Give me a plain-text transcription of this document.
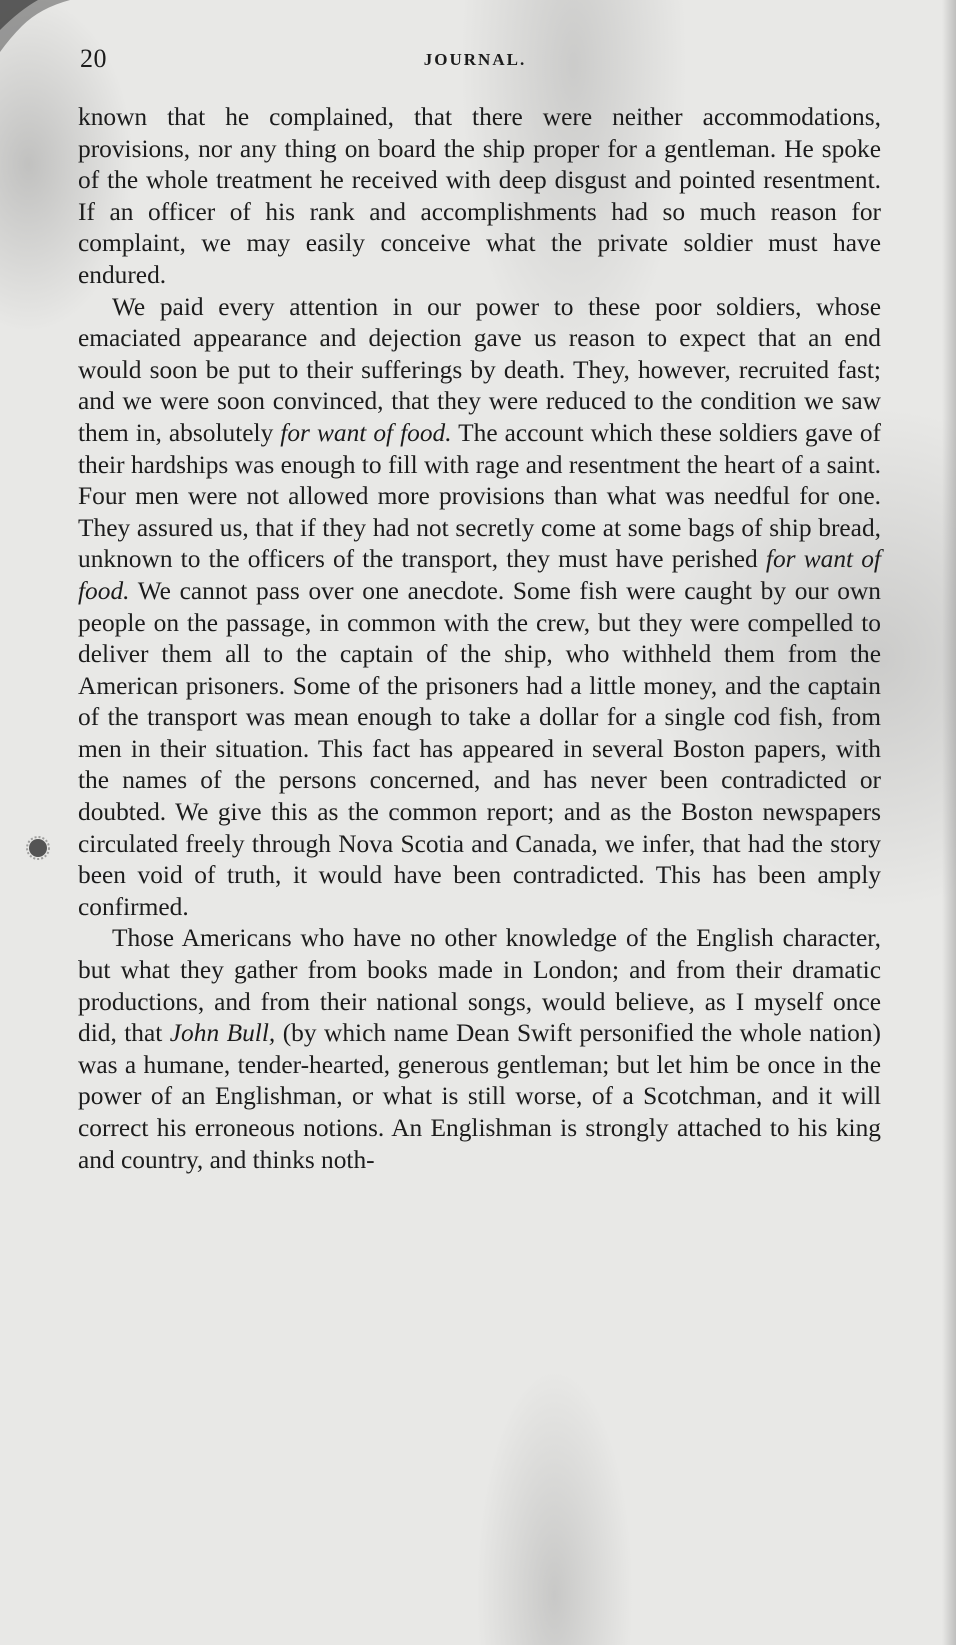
20	JOURNAL.

known that he complained, that there were neither accommodations, provisions, nor any thing on board the ship proper for a gentleman. He spoke of the whole treatment he received with deep disgust and pointed resentment. If an officer of his rank and accomplishments had so much reason for complaint, we may easily conceive what the private soldier must have endured.

We paid every attention in our power to these poor soldiers, whose emaciated appearance and dejection gave us reason to expect that an end would soon be put to their sufferings by death. They, however, recruited fast; and we were soon convinced, that they were reduced to the condition we saw them in, absolutely for want of food. The account which these soldiers gave of their hardships was enough to fill with rage and resentment the heart of a saint. Four men were not allowed more provisions than what was needful for one. They assured us, that if they had not secretly come at some bags of ship bread, unknown to the officers of the transport, they must have perished for want of food. We cannot pass over one anecdote. Some fish were caught by our own people on the passage, in common with the crew, but they were compelled to deliver them all to the captain of the ship, who withheld them from the American prisoners. Some of the prisoners had a little money, and the captain of the transport was mean enough to take a dollar for a single cod fish, from men in their situation. This fact has appeared in several Boston papers, with the names of the persons concerned, and has never been contradicted or doubted. We give this as the common report; and as the Boston newspapers circulated freely through Nova Scotia and Canada, we infer, that had the story been void of truth, it would have been contradicted. This has been amply confirmed.

Those Americans who have no other knowledge of the English character, but what they gather from books made in London; and from their dramatic productions, and from their national songs, would believe, as I myself once did, that John Bull, (by which name Dean Swift personified the whole nation) was a humane, tender-hearted, generous gentleman; but let him be once in the power of an Englishman, or what is still worse, of a Scotchman, and it will correct his erroneous notions. An Englishman is strongly attached to his king and country, and thinks noth-
